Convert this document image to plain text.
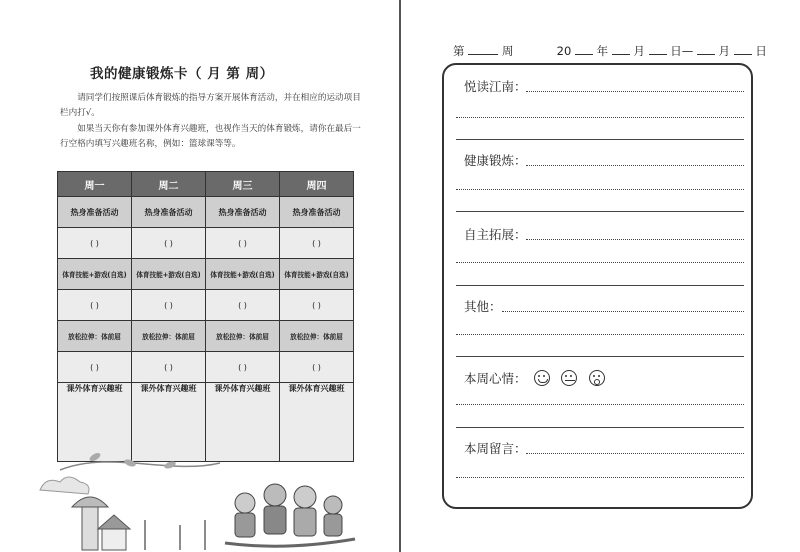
我的健康锻炼卡（ 月 第 周）
请同学们按照课后体育锻炼的指导方案开展体育活动，并在相应的运动项目栏内打√。
如果当天你有参加课外体育兴趣班，也视作当天的体育锻炼，请你在最后一行空格内填写兴趣班名称，例如：篮球课等等。
周一	周二	周三	周四
热身准备活动	热身准备活动	热身准备活动	热身准备活动
( )	( )	( )	( )
体育技能+游戏(自选)	体育技能+游戏(自选)	体育技能+游戏(自选)	体育技能+游戏(自选)
( )	( )	( )	( )
放松拉伸：体前屈	放松拉伸：体前屈	放松拉伸：体前屈	放松拉伸：体前屈
( )	( )	( )	( )
课外体育兴趣班	课外体育兴趣班	课外体育兴趣班	课外体育兴趣班
第	周	20 年 月 日— 月 日
悦读江南：
健康锻炼：
自主拓展：
其他：
本周心情：

本周留言：
